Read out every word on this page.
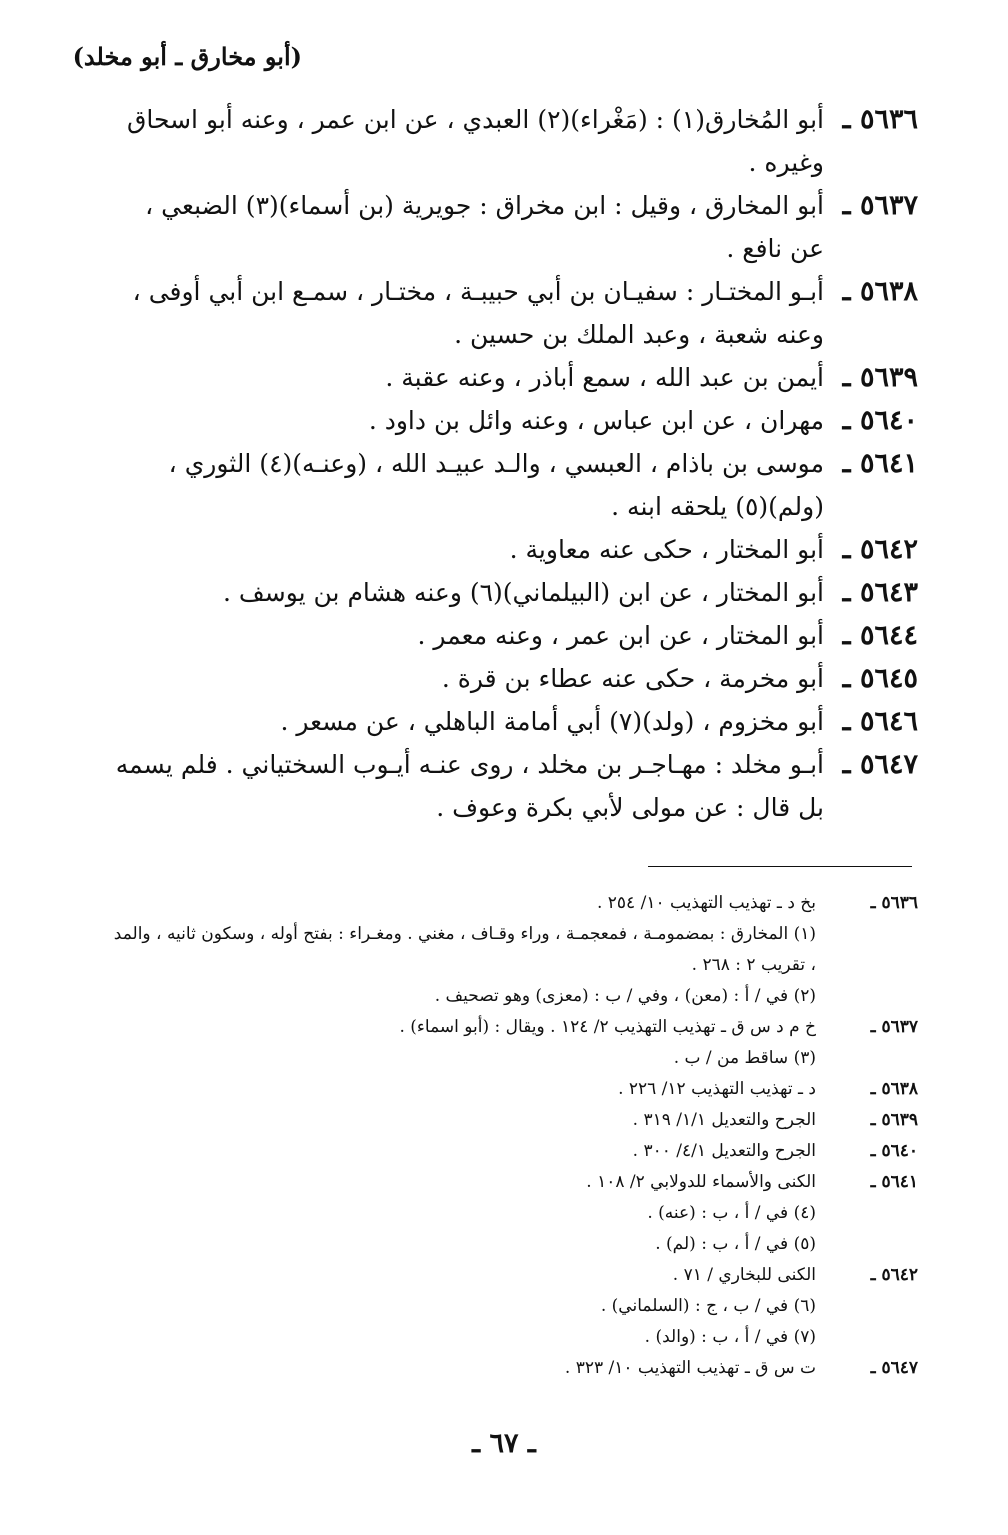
(أبو مخارق ـ أبو مخلد)
٥٦٣٦ ـ
أبو المُخارق(١) : (مَغْراء)(٢) العبدي ، عن ابن عمر ، وعنه أبو اسحاق وغيره .
٥٦٣٧ ـ
أبو المخارق ، وقيل : ابن مخراق : جويرية (بن أسماء)(٣) الضبعي ، عن نافع .
٥٦٣٨ ـ
أبـو المختـار : سفيـان بن أبي حبيبـة ، مختـار ، سمـع ابن أبي أوفى ، وعنه شعبة ، وعبد الملك بن حسين .
٥٦٣٩ ـ
أيمن بن عبد الله ، سمع أباذر ، وعنه عقبة .
٥٦٤٠ ـ
مهران ، عن ابن عباس ، وعنه وائل بن داود .
٥٦٤١ ـ
موسى بن باذام ، العبسي ، والـد عبيـد الله ، (وعنـه)(٤) الثوري ، (ولم)(٥) يلحقه ابنه .
٥٦٤٢ ـ
أبو المختار ، حكى عنه معاوية .
٥٦٤٣ ـ
أبو المختار ، عن ابن (البيلماني)(٦) وعنه هشام بن يوسف .
٥٦٤٤ ـ
أبو المختار ، عن ابن عمر ، وعنه معمر .
٥٦٤٥ ـ
أبو مخرمة ، حكى عنه عطاء بن قرة .
٥٦٤٦ ـ
أبو مخزوم ، (ولد)(٧) أبي أمامة الباهلي ، عن مسعر .
٥٦٤٧ ـ
أبـو مخلد : مهـاجـر بن مخلد ، روى عنـه أيـوب السختياني . فلم يسمه بل قال : عن مولى لأبي بكرة وعوف .
٥٦٣٦ ـ
بخ د ـ تهذيب التهذيب ١٠/ ٢٥٤ .
(١) المخارق : بمضمومـة ، فمعجمـة ، وراء وقـاف ، مغني . ومغـراء : بفتح أوله ، وسكون ثانيه ، والمد ، تقريب ٢ : ٢٦٨ .
(٢) في / أ : (معن) ، وفي / ب : (معزى) وهو تصحيف .
٥٦٣٧ ـ
خ م د س ق ـ تهذيب التهذيب ٢/ ١٢٤ . ويقال : (أبو اسماء) .
(٣) ساقط من / ب .
٥٦٣٨ ـ
د ـ تهذيب التهذيب ١٢/ ٢٢٦ .
٥٦٣٩ ـ
الجرح والتعديل ١/١/ ٣١٩ .
٥٦٤٠ ـ
الجرح والتعديل ٤/١/ ٣٠٠ .
٥٦٤١ ـ
الكنى والأسماء للدولابي ٢/ ١٠٨ .
(٤) في / أ ، ب : (عنه) .
(٥) في / أ ، ب : (لم) .
٥٦٤٢ ـ
الكنى للبخاري / ٧١ .
(٦) في / ب ، ج : (السلماني) .
(٧) في / أ ، ب : (والد) .
٥٦٤٧ ـ
ت س ق ـ تهذيب التهذيب ١٠/ ٣٢٣ .
ـ ٦٧ ـ
